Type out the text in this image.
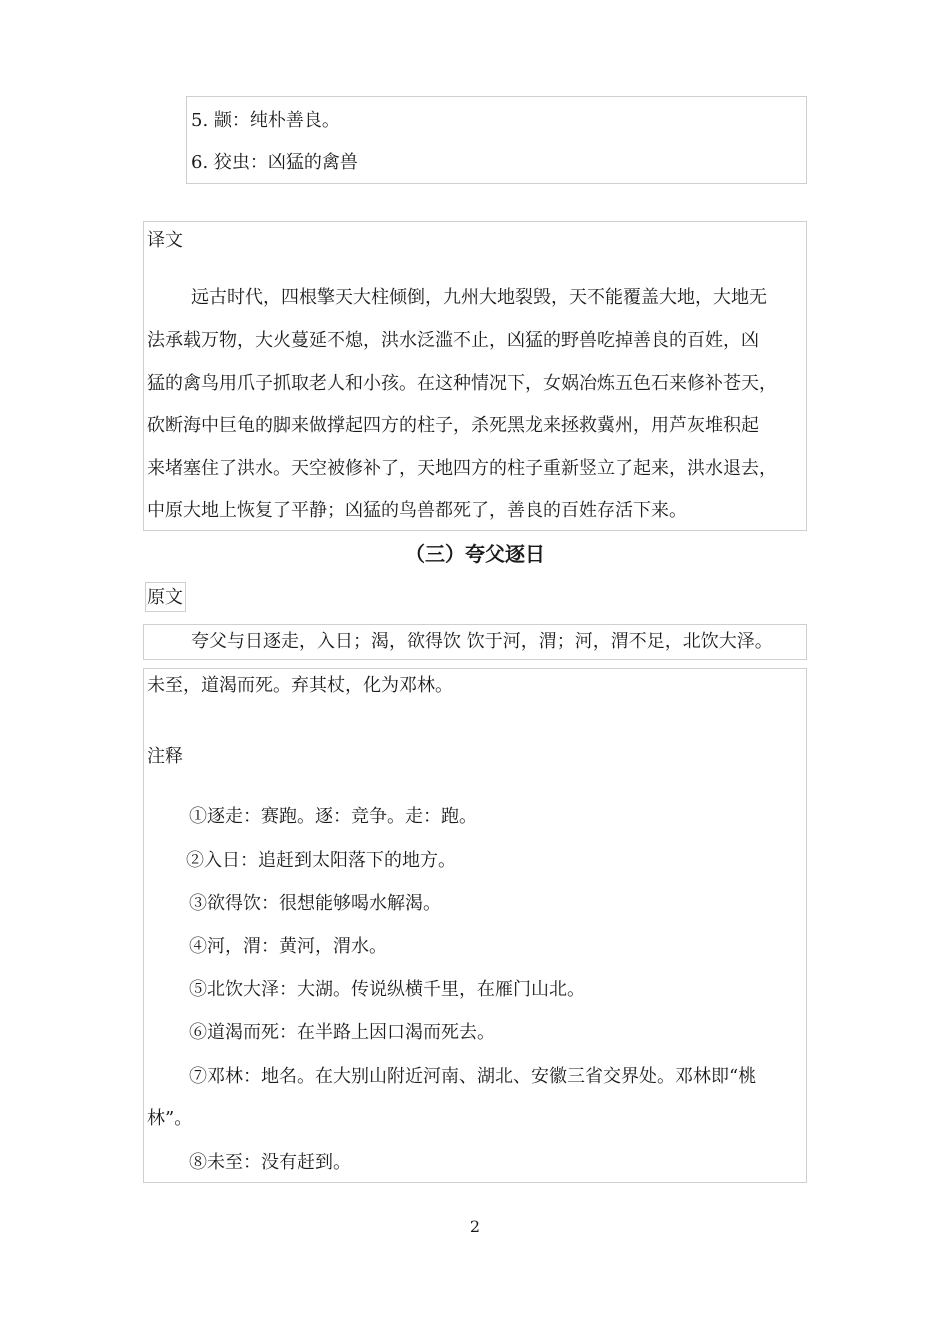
5. 颛：纯朴善良。
6. 狡虫：凶猛的禽兽
译文
远古时代，四根擎天大柱倾倒，九州大地裂毁，天不能覆盖大地，大地无
法承载万物，大火蔓延不熄，洪水泛滥不止，凶猛的野兽吃掉善良的百姓，凶
猛的禽鸟用爪子抓取老人和小孩。在这种情况下，女娲冶炼五色石来修补苍天，
砍断海中巨龟的脚来做撑起四方的柱子，杀死黑龙来拯救冀州，用芦灰堆积起
来堵塞住了洪水。天空被修补了，天地四方的柱子重新竖立了起来，洪水退去，
中原大地上恢复了平静；凶猛的鸟兽都死了，善良的百姓存活下来。
（三）夸父逐日
原文
夸父与日逐走，入日；渴，欲得饮 饮于河，渭；河，渭不足，北饮大泽。
未至，道渴而死。弃其杖，化为邓林。
注释
①逐走：赛跑。逐：竞争。走：跑。
②入日：追赶到太阳落下的地方。
③欲得饮：很想能够喝水解渴。
④河，渭：黄河，渭水。
⑤北饮大泽：大湖。传说纵横千里，在雁门山北。
⑥道渴而死：在半路上因口渴而死去。
⑦邓林：地名。在大别山附近河南、湖北、安徽三省交界处。邓林即“桃
林”。
⑧未至：没有赶到。
2
